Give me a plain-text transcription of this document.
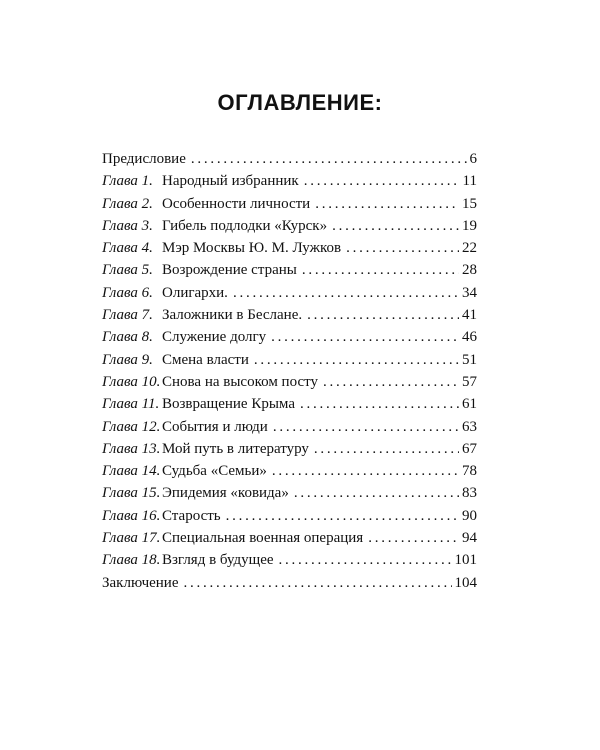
ОГЛАВЛЕНИЕ:
Предисловие . . .	6
Глава 1. Народный избранник . . .	11
Глава 2. Особенности личности . . .	15
Глава 3. Гибель подлодки «Курск» . . .	19
Глава 4. Мэр Москвы Ю. М. Лужков . . .	22
Глава 5. Возрождение страны . . .	28
Глава 6. Олигархи. . . .	34
Глава 7. Заложники в Беслане. . . .	41
Глава 8. Служение долгу . . .	46
Глава 9. Смена власти . . .	51
Глава 10. Снова на высоком посту . . .	57
Глава 11. Возвращение Крыма . . .	61
Глава 12. События и люди . . .	63
Глава 13. Мой путь в литературу . . .	67
Глава 14. Судьба «Семьи» . . .	78
Глава 15. Эпидемия «ковида» . . .	83
Глава 16. Старость . . .	90
Глава 17. Специальная военная операция . . .	94
Глава 18. Взгляд в будущее . . .	101
Заключение . . .	104
